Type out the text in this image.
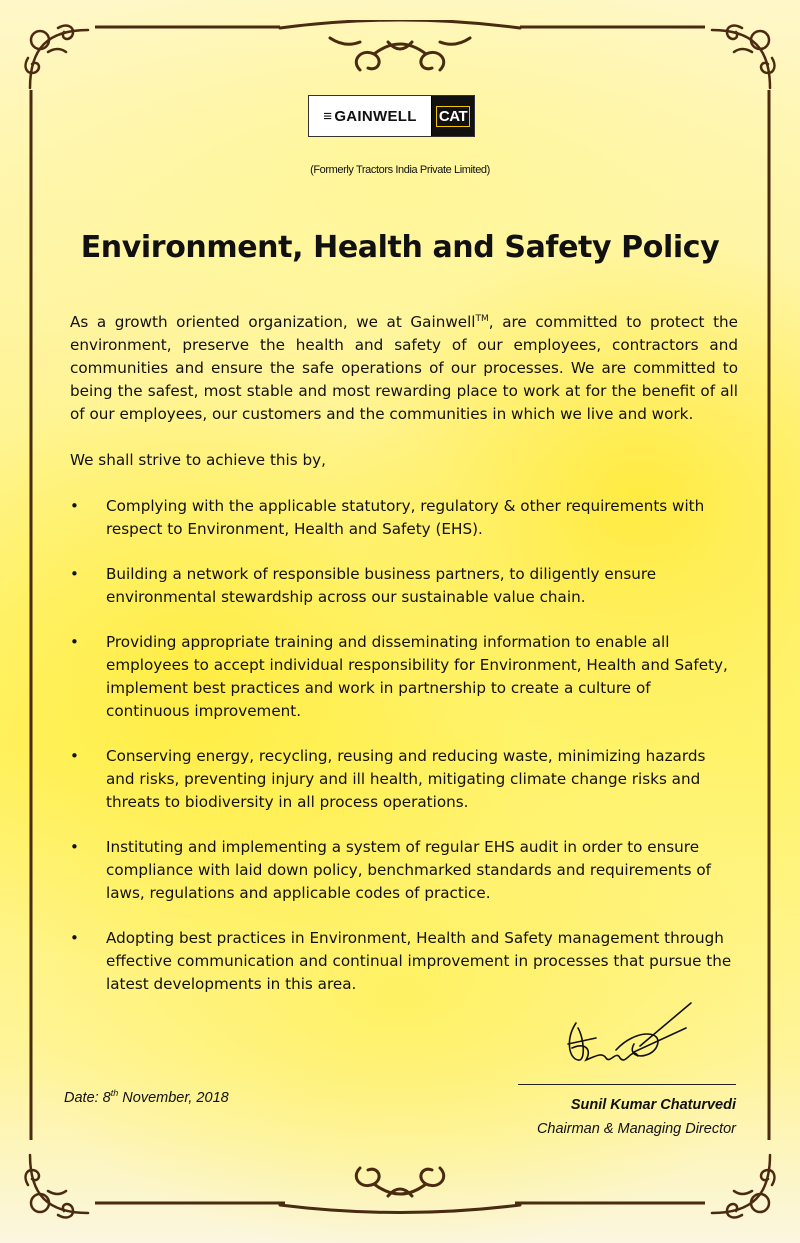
≡ GAINWELL CAT
(Formerly Tractors India Private Limited)
Environment, Health and Safety Policy

As a growth oriented organization, we at Gainwell™, are committed to protect the environment, preserve the health and safety of our employees, contractors and communities and ensure the safe operations of our processes. We are committed to being the safest, most stable and most rewarding place to work at for the benefit of all of our employees, our customers and the communities in which we live and work.

We shall strive to achieve this by,

• Complying with the applicable statutory, regulatory & other requirements with respect to Environment, Health and Safety (EHS).
• Building a network of responsible business partners, to diligently ensure environmental stewardship across our sustainable value chain.
• Providing appropriate training and disseminating information to enable all employees to accept individual responsibility for Environment, Health and Safety, implement best practices and work in partnership to create a culture of continuous improvement.
• Conserving energy, recycling, reusing and reducing waste, minimizing hazards and risks, preventing injury and ill health, mitigating climate change risks and threats to biodiversity in all process operations.
• Instituting and implementing a system of regular EHS audit in order to ensure compliance with laid down policy, benchmarked standards and requirements of laws, regulations and applicable codes of practice.
• Adopting best practices in Environment, Health and Safety management through effective communication and continual improvement in processes that pursue the latest developments in this area.
Date: 8th November, 2018	Sunil Kumar Chaturvedi
Chairman & Managing Director
